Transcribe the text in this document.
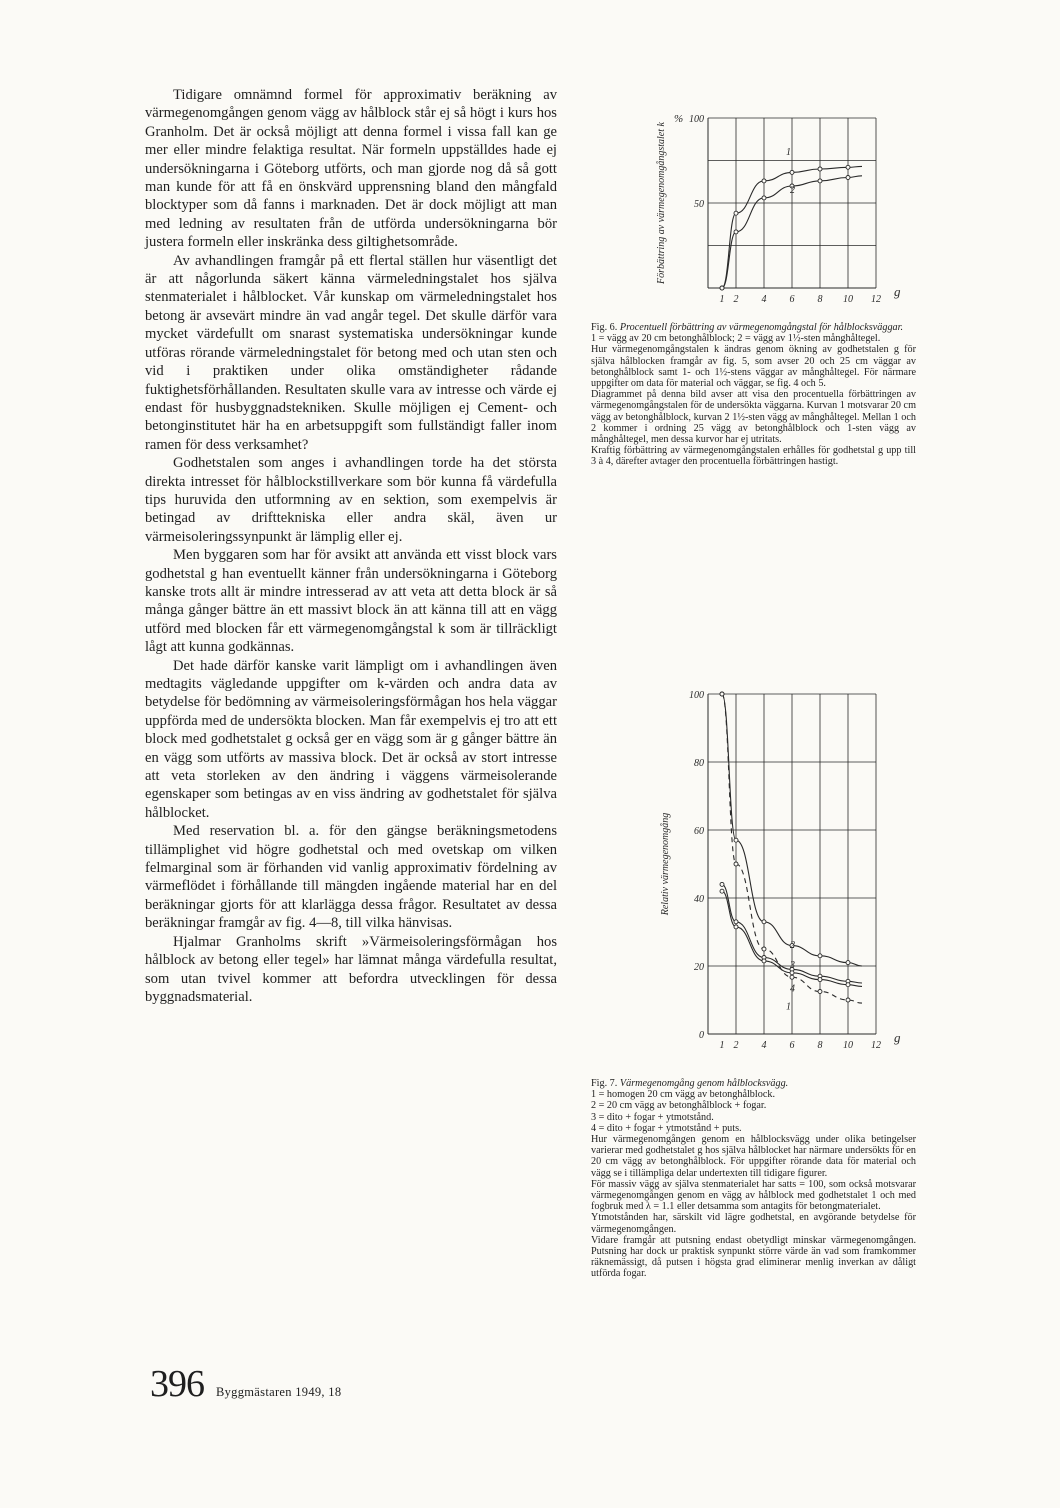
Tidigare omnämnd formel för approximativ beräkning av värmegenomgången genom vägg av hålblock står ej så högt i kurs hos Granholm. Det är också möjligt att denna formel i vissa fall kan ge mer eller mindre felaktiga resultat. När formeln uppställdes hade ej undersökningarna i Göteborg utförts, och man gjorde nog då så gott man kunde för att få en önskvärd upprensning bland den mångfald blocktyper som då fanns i marknaden. Det är dock möjligt att man med ledning av resultaten från de utförda undersökningarna bör justera formeln eller inskränka dess giltighetsområde.

Av avhandlingen framgår på ett flertal ställen hur väsentligt det är att någorlunda säkert känna värmeledningstalet hos själva stenmaterialet i hålblocket. Vår kunskap om värmeledningstalet hos betong är avsevärt mindre än vad angår tegel. Det skulle därför vara mycket värdefullt om snarast systematiska undersökningar kunde utföras rörande värmeledningstalet för betong med och utan sten och vid i praktiken under olika omständigheter rådande fuktighetsförhållanden. Resultaten skulle vara av intresse och värde ej endast för husbyggnadstekniken. Skulle möjligen ej Cement- och betonginstitutet här ha en arbetsuppgift som fullständigt faller inom ramen för dess verksamhet?

Godhetstalen som anges i avhandlingen torde ha det största direkta intresset för hålblockstillverkare som bör kunna få värdefulla tips huruvida den utformning av en sektion, som exempelvis är betingad av drifttekniska eller andra skäl, även ur värmeisoleringssynpunkt är lämplig eller ej.

Men byggaren som har för avsikt att använda ett visst block vars godhetstal g han eventuellt känner från undersökningarna i Göteborg kanske trots allt är mindre intresserad av att veta att detta block är så många gånger bättre än ett massivt block än att känna till att en vägg utförd med blocken får ett värmegenomgångstal k som är tillräckligt lågt att kunna godkännas.

Det hade därför kanske varit lämpligt om i avhandlingen även medtagits vägledande uppgifter om k-värden och andra data av betydelse för bedömning av värmeisoleringsförmågan hos hela väggar uppförda med de undersökta blocken. Man får exempelvis ej tro att ett block med godhetstalet g också ger en vägg som är g gånger bättre än en vägg som utförts av massiva block. Det är också av stort intresse att veta storleken av den ändring i väggens värmeisolerande egenskaper som betingas av en viss ändring av godhetstalet för själva hålblocket.

Med reservation bl. a. för den gängse beräkningsmetodens tillämplighet vid högre godhetstal och med ovetskap om vilken felmarginal som är förhanden vid vanlig approximativ fördelning av värmeflödet i förhållande till mängden ingående material har en del beräkningar gjorts för att klarlägga dessa frågor. Resultatet av dessa beräkningar framgår av fig. 4—8, till vilka hänvisas.

Hjalmar Granholms skrift »Värmeisoleringsförmågan hos hålblock av betong eller tegel» har lämnat många värdefulla resultat, som utan tvivel kommer att befordra utvecklingen för dessa byggnadsmaterial.

396 Byggmästaren 1949, 18
1 2 4 6 8 10 12
g
50
100
%
Förbättring av värmegenomgångstalet k	1
2
Fig. 6. Procentuell förbättring av värmegenomgångstal för hålblocksväggar.
1 = vägg av 20 cm betonghålblock; 2 = vägg av 1½-sten månghåltegel.
Hur värmegenomgångstalen k ändras genom ökning av godhetstalen g för själva hålblocken framgår av fig. 5, som avser 20 och 25 cm väggar av betonghålblock samt 1- och 1½-stens väggar av månghåltegel. För närmare uppgifter om data för material och väggar, se fig. 4 och 5.
Diagrammet på denna bild avser att visa den procentuella förbättringen av värmegenomgångstalen för de undersökta väggarna. Kurvan 1 motsvarar 20 cm vägg av betonghålblock, kurvan 2 1½-sten vägg av månghåltegel. Mellan 1 och 2 kommer i ordning 25 vägg av betonghålblock och 1-sten vägg av månghåltegel, men dessa kurvor har ej utritats.
Kraftig förbättring av värmegenomgångstalen erhålles för godhetstal g upp till 3 à 4, därefter avtager den procentuella förbättringen hastigt.
1 2 4 6 8 10 12
g
0
20
40
60
80
100
Relativ värmegenomgång
1
2
3
4
Fig. 7. Värmegenomgång genom hålblocksvägg.
1 = homogen 20 cm vägg av betonghålblock.
2 = 20 cm vägg av betonghålblock + fogar.
3 = dito + fogar + ytmotstånd.
4 = dito + fogar + ytmotstånd + puts.
Hur värmegenomgången genom en hålblocksvägg under olika betingelser varierar med godhetstalet g hos själva hålblocket har närmare undersökts för en 20 cm vägg av betonghålblock. För uppgifter rörande data för material och vägg se i tillämpliga delar undertexten till tidigare figurer.
För massiv vägg av själva stenmaterialet har satts = 100, som också motsvarar värmegenomgången genom en vägg av hålblock med godhetstalet 1 och med fogbruk med λ = 1.1 eller detsamma som antagits för betongmaterialet.
Ytmotstånden har, särskilt vid lägre godhetstal, en avgörande betydelse för värmegenomgången.
Vidare framgår att putsning endast obetydligt minskar värmegenomgången. Putsning har dock ur praktisk synpunkt större värde än vad som framkommer räknemässigt, då putsen i högsta grad eliminerar menlig inverkan av dåligt utförda fogar.
